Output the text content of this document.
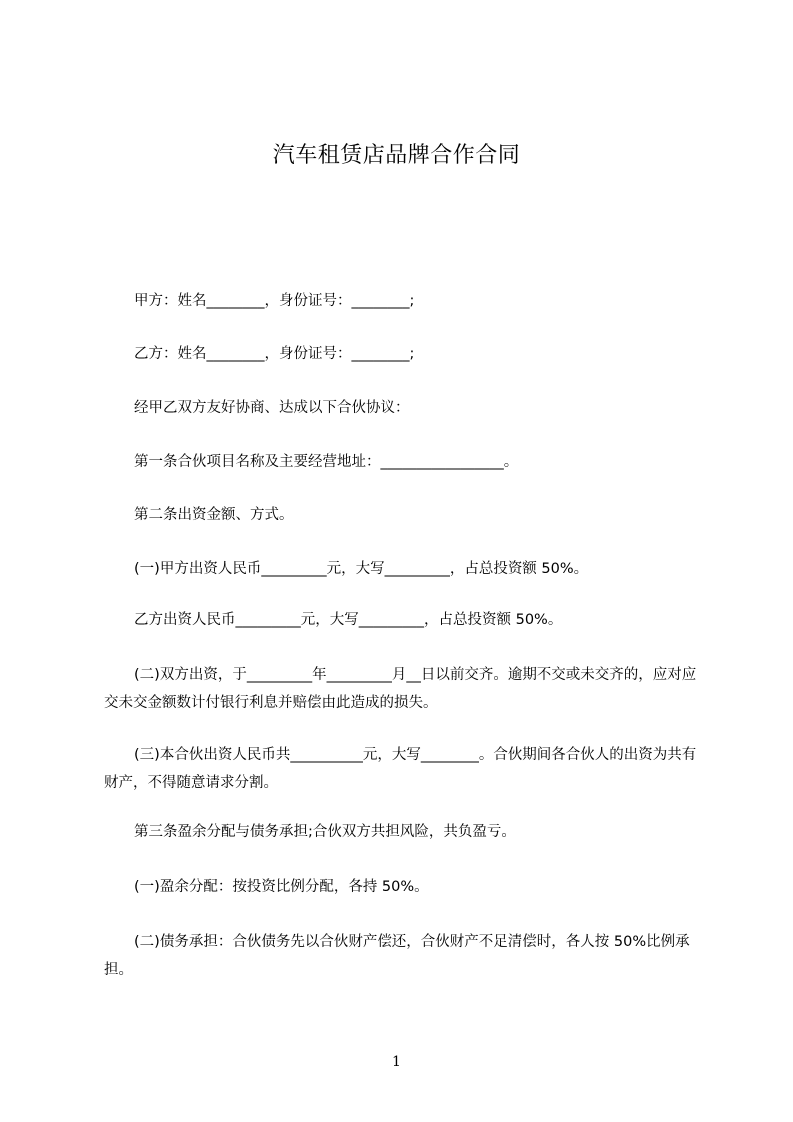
汽车租赁店品牌合作合同
甲方：姓名________，身份证号：________;
乙方：姓名________，身份证号：________;
经甲乙双方友好协商、达成以下合伙协议：
第一条合伙项目名称及主要经营地址：_________________。
第二条出资金额、方式。
(一)甲方出资人民币_________元，大写_________，占总投资额 50%。
乙方出资人民币_________元，大写_________，占总投资额 50%。
(二)双方出资，于_________年_________月__日以前交齐。逾期不交或未交齐的，应对应交未交金额数计付银行利息并赔偿由此造成的损失。
(三)本合伙出资人民币共__________元，大写________。合伙期间各合伙人的出资为共有财产，不得随意请求分割。
第三条盈余分配与债务承担;合伙双方共担风险，共负盈亏。
(一)盈余分配：按投资比例分配，各持 50%。
(二)债务承担：合伙债务先以合伙财产偿还，合伙财产不足清偿时，各人按 50%比例承担。
1
